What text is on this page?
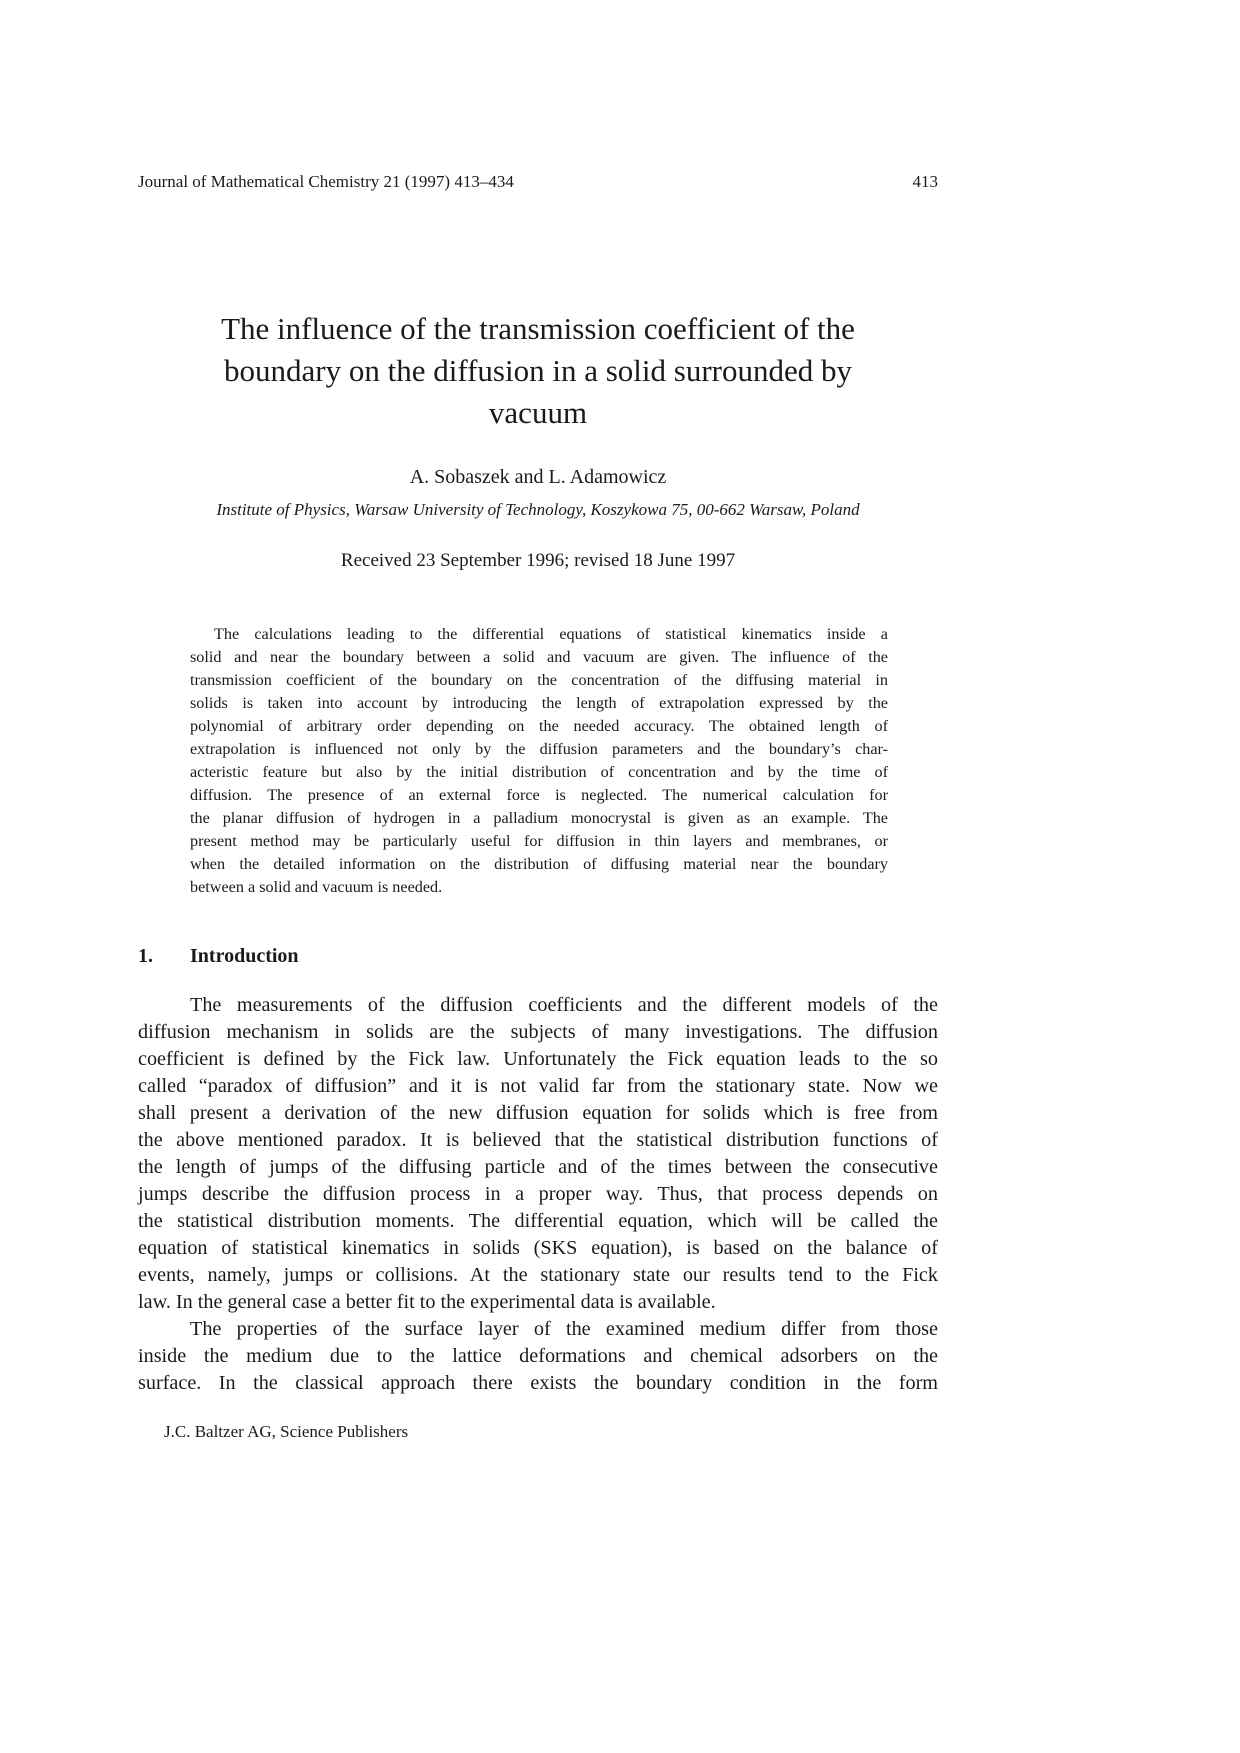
Journal of Mathematical Chemistry 21 (1997) 413–434	413
The influence of the transmission coefficient of the
boundary on the diffusion in a solid surrounded by
vacuum
A. Sobaszek and L. Adamowicz
Institute of Physics, Warsaw University of Technology, Koszykowa 75, 00-662 Warsaw, Poland
Received 23 September 1996; revised 18 June 1997
The calculations leading to the differential equations of statistical kinematics inside a
solid and near the boundary between a solid and vacuum are given. The influence of the
transmission coefficient of the boundary on the concentration of the diffusing material in
solids is taken into account by introducing the length of extrapolation expressed by the
polynomial of arbitrary order depending on the needed accuracy. The obtained length of
extrapolation is influenced not only by the diffusion parameters and the boundary’s char-
acteristic feature but also by the initial distribution of concentration and by the time of
diffusion. The presence of an external force is neglected. The numerical calculation for
the planar diffusion of hydrogen in a palladium monocrystal is given as an example. The
present method may be particularly useful for diffusion in thin layers and membranes, or
when the detailed information on the distribution of diffusing material near the boundary
between a solid and vacuum is needed.
1. Introduction
The measurements of the diffusion coefficients and the different models of the
diffusion mechanism in solids are the subjects of many investigations. The diffusion
coefficient is defined by the Fick law. Unfortunately the Fick equation leads to the so
called “paradox of diffusion” and it is not valid far from the stationary state. Now we
shall present a derivation of the new diffusion equation for solids which is free from
the above mentioned paradox. It is believed that the statistical distribution functions of
the length of jumps of the diffusing particle and of the times between the consecutive
jumps describe the diffusion process in a proper way. Thus, that process depends on
the statistical distribution moments. The differential equation, which will be called the
equation of statistical kinematics in solids (SKS equation), is based on the balance of
events, namely, jumps or collisions. At the stationary state our results tend to the Fick
law. In the general case a better fit to the experimental data is available.
The properties of the surface layer of the examined medium differ from those
inside the medium due to the lattice deformations and chemical adsorbers on the
surface. In the classical approach there exists the boundary condition in the form
J.C. Baltzer AG, Science Publishers
